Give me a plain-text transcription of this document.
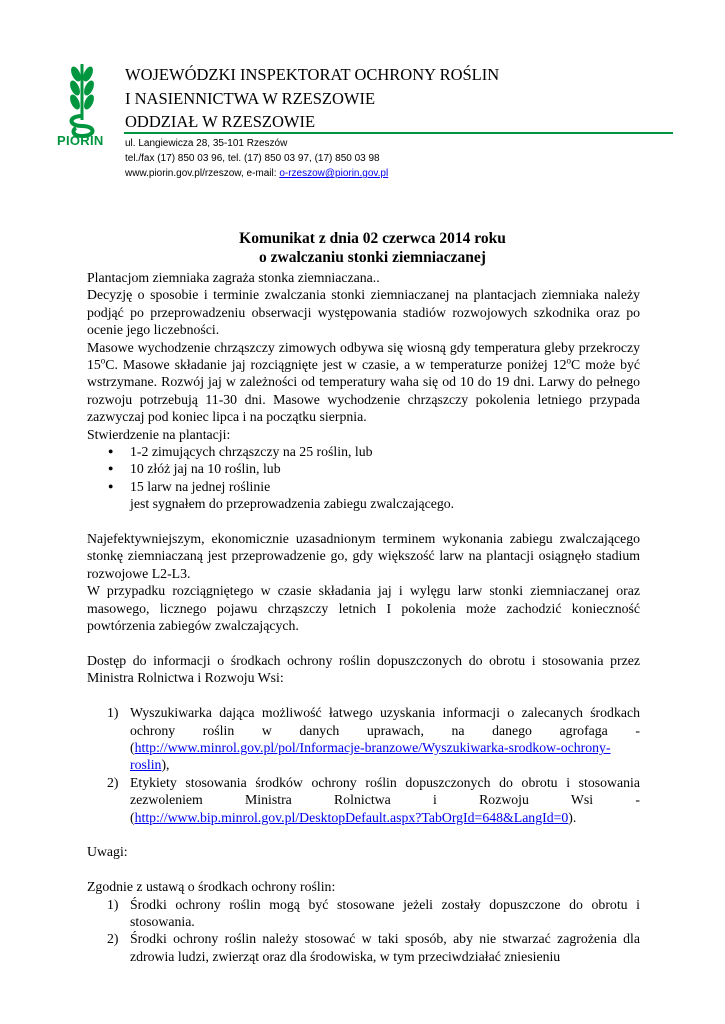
PIORIN
WOJEWÓDZKI INSPEKTORAT OCHRONY ROŚLIN
I NASIENNICTWA W RZESZOWIE
ODDZIAŁ W RZESZOWIE
ul. Langiewicza 28, 35-101 Rzeszów
tel./fax (17) 850 03 96, tel. (17) 850 03 97, (17) 850 03 98
www.piorin.gov.pl/rzeszow, e-mail: o-rzeszow@piorin.gov.pl
Komunikat z dnia 02 czerwca 2014 roku
o zwalczaniu stonki ziemniaczanej

Plantacjom ziemniaka zagraża stonka ziemniaczana..

Decyzję o sposobie i terminie zwalczania stonki ziemniaczanej na plantacjach ziemniaka należy podjąć po przeprowadzeniu obserwacji występowania stadiów rozwojowych szkodnika oraz po ocenie jego liczebności.

Masowe wychodzenie chrząszczy zimowych odbywa się wiosną gdy temperatura gleby przekroczy 15$^o$C. Masowe składanie jaj rozciągnięte jest w czasie, a w temperaturze poniżej 12$^o$C może być wstrzymane. Rozwój jaj w zależności od temperatury waha się od 10 do 19 dni. Larwy do pełnego rozwoju potrzebują 11-30 dni. Masowe wychodzenie chrząszczy pokolenia letniego przypada zazwyczaj pod koniec lipca i na początku sierpnia.

Stwierdzenie na plantacji:

● 1-2 zimujących chrząszczy na 25 roślin, lub
● 10 złóż jaj na 10 roślin, lub
● 15 larw na jednej roślinie

jest sygnałem do przeprowadzenia zabiegu zwalczającego.

Najefektywniejszym, ekonomicznie uzasadnionym terminem wykonania zabiegu zwalczającego stonkę ziemniaczaną jest przeprowadzenie go, gdy większość larw na plantacji osiągnęło stadium rozwojowe L2-L3.

W przypadku rozciągniętego w czasie składania jaj i wylęgu larw stonki ziemniaczanej oraz masowego, licznego pojawu chrząszczy letnich I pokolenia może zachodzić konieczność powtórzenia zabiegów zwalczających.

Dostęp do informacji o środkach ochrony roślin dopuszczonych do obrotu i stosowania przez Ministra Rolnictwa i Rozwoju Wsi:

1) Wyszukiwarka dająca możliwość łatwego uzyskania informacji o zalecanych środkach ochrony roślin w danych uprawach, na danego agrofaga - (http://www.minrol.gov.pl/pol/Informacje-branzowe/Wyszukiwarka-srodkow-ochrony-roslin),
2) Etykiety stosowania środków ochrony roślin dopuszczonych do obrotu i stosowania zezwoleniem Ministra Rolnictwa i Rozwoju Wsi - (http://www.bip.minrol.gov.pl/DesktopDefault.aspx?TabOrgId=648&LangId=0).

Uwagi:

Zgodnie z ustawą o środkach ochrony roślin:

1) Środki ochrony roślin mogą być stosowane jeżeli zostały dopuszczone do obrotu i stosowania.
2) Środki ochrony roślin należy stosować w taki sposób, aby nie stwarzać zagrożenia dla zdrowia ludzi, zwierząt oraz dla środowiska, w tym przeciwdziałać zniesieniu
